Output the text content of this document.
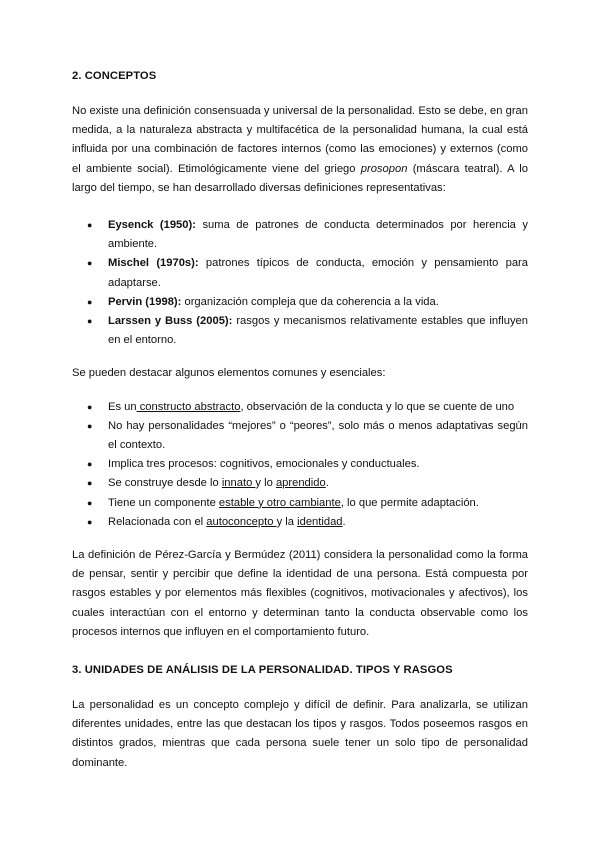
2. CONCEPTOS

No existe una definición consensuada y universal de la personalidad. Esto se debe, en gran medida, a la naturaleza abstracta y multifacética de la personalidad humana, la cual está influida por una combinación de factores internos (como las emociones) y externos (como el ambiente social). Etimológicamente viene del griego prosopon (máscara teatral). A lo largo del tiempo, se han desarrollado diversas definiciones representativas:

● Eysenck (1950): suma de patrones de conducta determinados por herencia y ambiente.
● Mischel (1970s): patrones típicos de conducta, emoción y pensamiento para adaptarse.
● Pervin (1998): organización compleja que da coherencia a la vida.
● Larssen y Buss (2005): rasgos y mecanismos relativamente estables que influyen en el entorno.

Se pueden destacar algunos elementos comunes y esenciales:

● Es un constructo abstracto, observación de la conducta y lo que se cuente de uno
● No hay personalidades “mejores” o “peores”, solo más o menos adaptativas según el contexto.
● Implica tres procesos: cognitivos, emocionales y conductuales.
● Se construye desde lo innato y lo aprendido.
● Tiene un componente estable y otro cambiante, lo que permite adaptación.
● Relacionada con el autoconcepto y la identidad.

La definición de Pérez-García y Bermúdez (2011) considera la personalidad como la forma de pensar, sentir y percibir que define la identidad de una persona. Está compuesta por rasgos estables y por elementos más flexibles (cognitivos, motivacionales y afectivos), los cuales interactúan con el entorno y determinan tanto la conducta observable como los procesos internos que influyen en el comportamiento futuro.

3. UNIDADES DE ANÁLISIS DE LA PERSONALIDAD. TIPOS Y RASGOS

La personalidad es un concepto complejo y difícil de definir. Para analizarla, se utilizan diferentes unidades, entre las que destacan los tipos y rasgos. Todos poseemos rasgos en distintos grados, mientras que cada persona suele tener un solo tipo de personalidad dominante.
